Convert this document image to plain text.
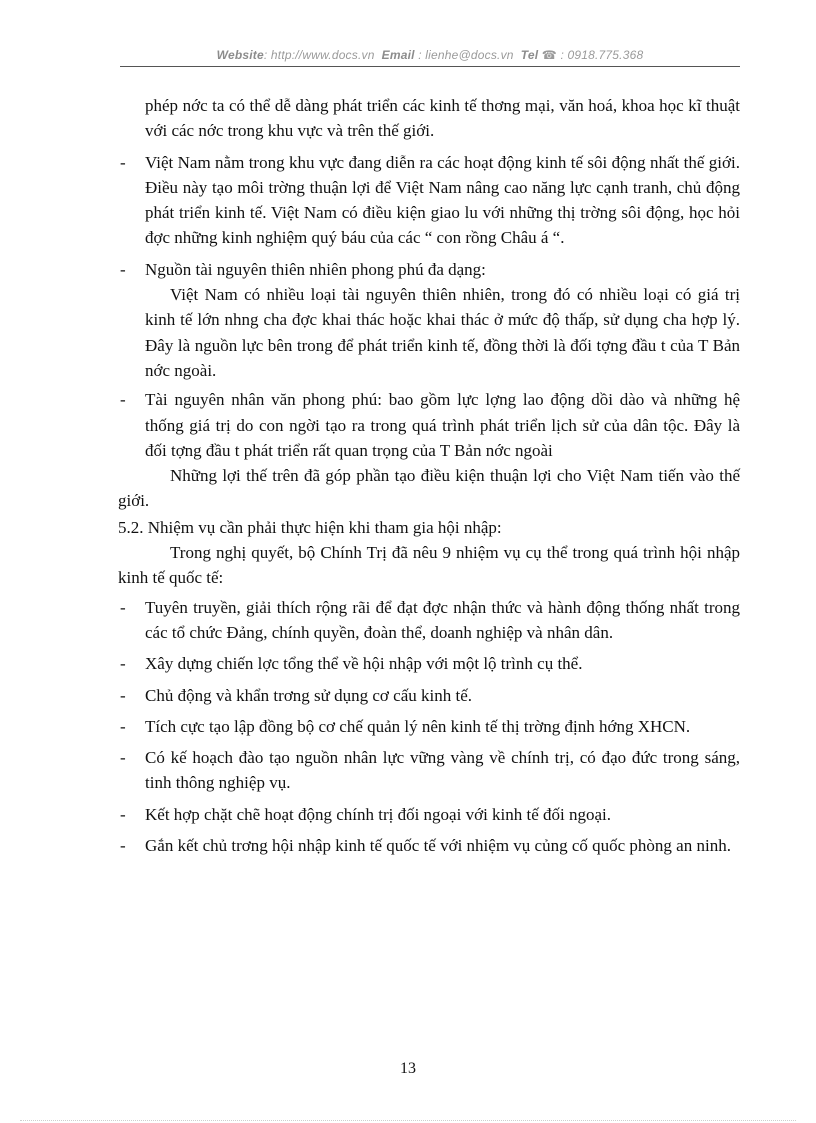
Website: http://www.docs.vn Email : lienhe@docs.vn Tel ☎ : 0918.775.368

phép nớc ta có thể dễ dàng phát triển các kinh tế thơng mại, văn hoá, khoa học kĩ thuật với các nớc trong khu vực và trên thế giới.

- Việt Nam nằm trong khu vực đang diễn ra các hoạt động kinh tế sôi động nhất thế giới. Điều này tạo môi trờng thuận lợi để Việt Nam nâng cao năng lực cạnh tranh, chủ động phát triển kinh tế. Việt Nam có điều kiện giao lu với những thị trờng sôi động, học hỏi đợc những kinh nghiệm quý báu của các “ con rồng Châu á “.
- Nguồn tài nguyên thiên nhiên phong phú đa dạng:

Việt Nam có nhiều loại tài nguyên thiên nhiên, trong đó có nhiều loại có giá trị kinh tế lớn nhng cha đợc khai thác hoặc khai thác ở mức độ thấp, sử dụng cha hợp lý. Đây là nguồn lực bên trong để phát triển kinh tế, đồng thời là đối tợng đầu t của T Bản nớc ngoài.

- Tài nguyên nhân văn phong phú: bao gồm lực lợng lao động dồi dào và những hệ thống giá trị do con ngời tạo ra trong quá trình phát triển lịch sử của dân tộc. Đây là đối tợng đầu t phát triển rất quan trọng của T Bản nớc ngoài

Những lợi thế trên đã góp phần tạo điều kiện thuận lợi cho Việt Nam tiến vào thế giới.

5.2. Nhiệm vụ cần phải thực hiện khi tham gia hội nhập:

Trong nghị quyết, bộ Chính Trị đã nêu 9 nhiệm vụ cụ thể trong quá trình hội nhập kinh tế quốc tế:

- Tuyên truyền, giải thích rộng rãi để đạt đợc nhận thức và hành động thống nhất trong các tổ chức Đảng, chính quyền, đoàn thể, doanh nghiệp và nhân dân.
- Xây dựng chiến lợc tổng thể về hội nhập với một lộ trình cụ thể.
- Chủ động và khẩn trơng sử dụng cơ cấu kinh tế.
- Tích cực tạo lập đồng bộ cơ chế quản lý nên kinh tế thị trờng định hớng XHCN.
- Có kế hoạch đào tạo nguồn nhân lực vững vàng về chính trị, có đạo đức trong sáng, tinh thông nghiệp vụ.
- Kết hợp chặt chẽ hoạt động chính trị đối ngoại với kinh tế đối ngoại.
- Gắn kết chủ trơng hội nhập kinh tế quốc tế với nhiệm vụ củng cố quốc phòng an ninh.
13
